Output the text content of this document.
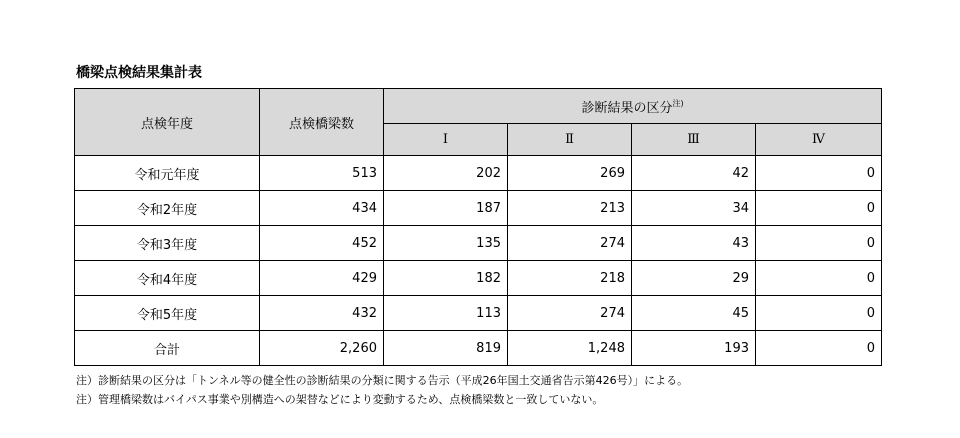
橋梁点検結果集計表
点検年度	点検橋梁数	診断結果の区分$^{注)}$
		Ⅰ	Ⅱ	Ⅲ	Ⅳ
令和元年度	513	202	269	42	0
令和2年度	434	187	213	34	0
令和3年度	452	135	274	43	0
令和4年度	429	182	218	29	0
令和5年度	432	113	274	45	0
合計	2,260	819	1,248	193	0
注）診断結果の区分は「トンネル等の健全性の診断結果の分類に関する告示（平成26年国土交通省告示第426号）」による。
注）管理橋梁数はバイパス事業や別構造への架替などにより変動するため、点検橋梁数と一致していない。
